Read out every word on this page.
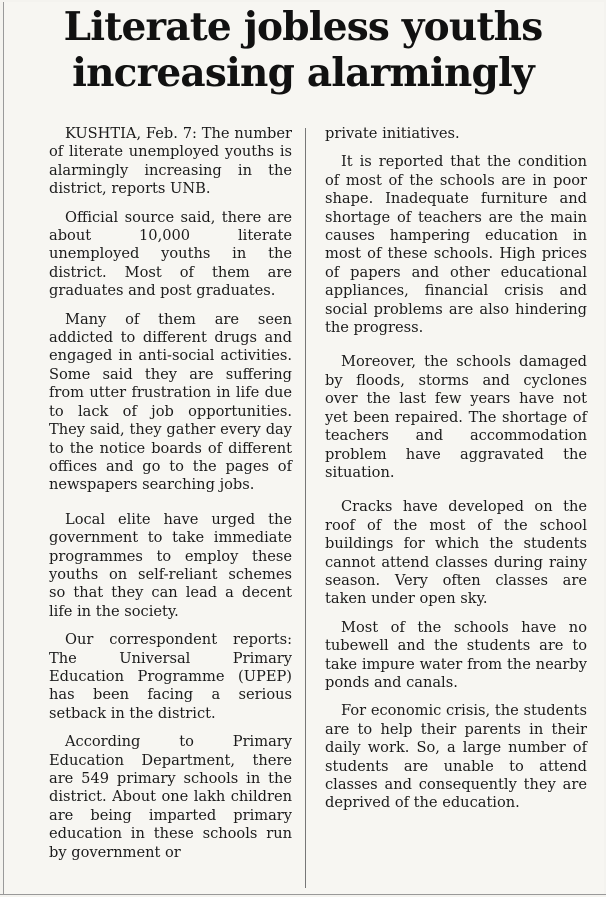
Literate jobless youths
increasing alarmingly

KUSHTIA, Feb. 7: The number of literate unemployed youths is alarmingly increasing in the district, reports UNB.

Official source said, there are about 10,000 literate unemployed youths in the district. Most of them are graduates and post graduates.

Many of them are seen addicted to different drugs and engaged in anti-social activities. Some said they are suffering from utter frustration in life due to lack of job opportunities. They said, they gather every day to the notice boards of different offices and go to the pages of newspapers searching jobs.

Local elite have urged the government to take immediate programmes to employ these youths on self-reliant schemes so that they can lead a decent life in the society.

Our correspondent reports: The Universal Primary Education Programme (UPEP) has been facing a serious setback in the district.

According to Primary Education Department, there are 549 primary schools in the district. About one lakh children are being imparted primary education in these schools run by government or

private initiatives.

It is reported that the condition of most of the schools are in poor shape. Inadequate furniture and shortage of teachers are the main causes hampering education in most of these schools. High prices of papers and other educational appliances, financial crisis and social problems are also hindering the progress.

Moreover, the schools damaged by floods, storms and cyclones over the last few years have not yet been repaired. The shortage of teachers and accommodation problem have aggravated the situation.

Cracks have developed on the roof of the most of the school buildings for which the students cannot attend classes during rainy season. Very often classes are taken under open sky.

Most of the schools have no tubewell and the students are to take impure water from the nearby ponds and canals.

For economic crisis, the students are to help their parents in their daily work. So, a large number of students are unable to attend classes and consequently they are deprived of the education.
